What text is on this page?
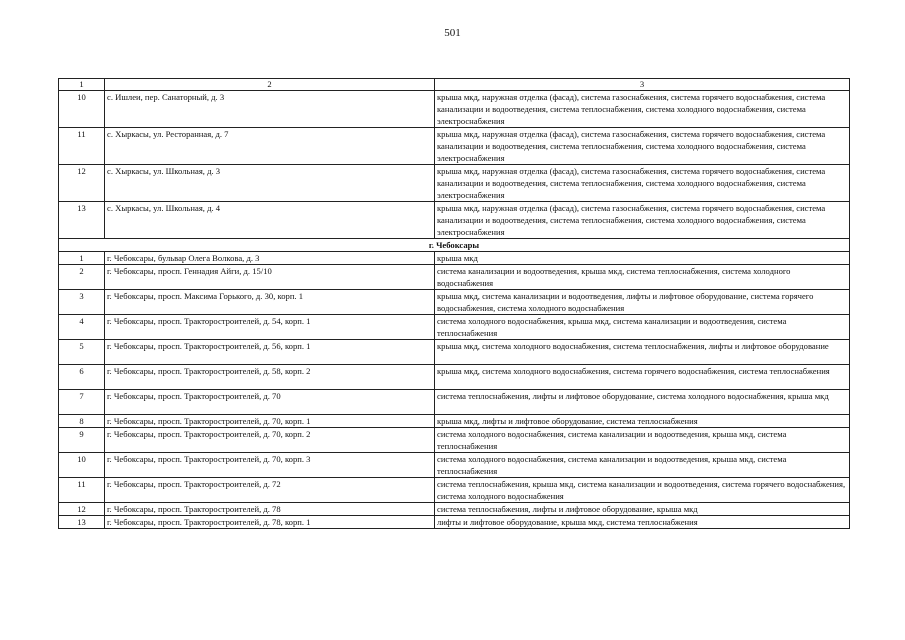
501
1	2	3
10	с. Ишлеи, пер. Санаторный, д. 3	крыша мкд, наружная отделка (фасад), система газоснабжения, система горячего водоснабжения, система канализации и водоотведения, система теплоснабжения, система холодного водоснабжения, система электроснабжения
11	с. Хыркасы, ул. Ресторанная, д. 7	крыша мкд, наружная отделка (фасад), система газоснабжения, система горячего водоснабжения, система канализации и водоотведения, система теплоснабжения, система холодного водоснабжения, система электроснабжения
12	с. Хыркасы, ул. Школьная, д. 3	крыша мкд, наружная отделка (фасад), система газоснабжения, система горячего водоснабжения, система канализации и водоотведения, система теплоснабжения, система холодного водоснабжения, система электроснабжения
13	с. Хыркасы, ул. Школьная, д. 4	крыша мкд, наружная отделка (фасад), система газоснабжения, система горячего водоснабжения, система канализации и водоотведения, система теплоснабжения, система холодного водоснабжения, система электроснабжения
г. Чебоксары		
1	г. Чебоксары, бульвар Олега Волкова, д. 3	крыша мкд
2	г. Чебоксары, просп. Геннадия Айги, д. 15/10	система канализации и водоотведения, крыша мкд, система теплоснабжения, система холодного водоснабжения
3	г. Чебоксары, просп. Максима Горького, д. 30, корп. 1	крыша мкд, система канализации и водоотведения, лифты и лифтовое оборудование, система горячего водоснабжения, система холодного водоснабжения
4	г. Чебоксары, просп. Тракторостроителей, д. 54, корп. 1	система холодного водоснабжения, крыша мкд, система канализации и водоотведения, система теплоснабжения
5	г. Чебоксары, просп. Тракторостроителей, д. 56, корп. 1	крыша мкд, система холодного водоснабжения, система теплоснабжения, лифты и лифтовое оборудование
6	г. Чебоксары, просп. Тракторостроителей, д. 58, корп. 2	крыша мкд, система холодного водоснабжения, система горячего водоснабжения, система теплоснабжения
7	г. Чебоксары, просп. Тракторостроителей, д. 70	система теплоснабжения, лифты и лифтовое оборудование, система холодного водоснабжения, крыша мкд
8	г. Чебоксары, просп. Тракторостроителей, д. 70, корп. 1	крыша мкд, лифты и лифтовое оборудование, система теплоснабжения
9	г. Чебоксары, просп. Тракторостроителей, д. 70, корп. 2	система холодного водоснабжения, система канализации и водоотведения, крыша мкд, система теплоснабжения
10	г. Чебоксары, просп. Тракторостроителей, д. 70, корп. 3	система холодного водоснабжения, система канализации и водоотведения, крыша мкд, система теплоснабжения
11	г. Чебоксары, просп. Тракторостроителей, д. 72	система теплоснабжения, крыша мкд, система канализации и водоотведения, система горячего водоснабжения, система холодного водоснабжения
12	г. Чебоксары, просп. Тракторостроителей, д. 78	система теплоснабжения, лифты и лифтовое оборудование, крыша мкд
13	г. Чебоксары, просп. Тракторостроителей, д. 78, корп. 1	лифты и лифтовое оборудование, крыша мкд, система теплоснабжения
